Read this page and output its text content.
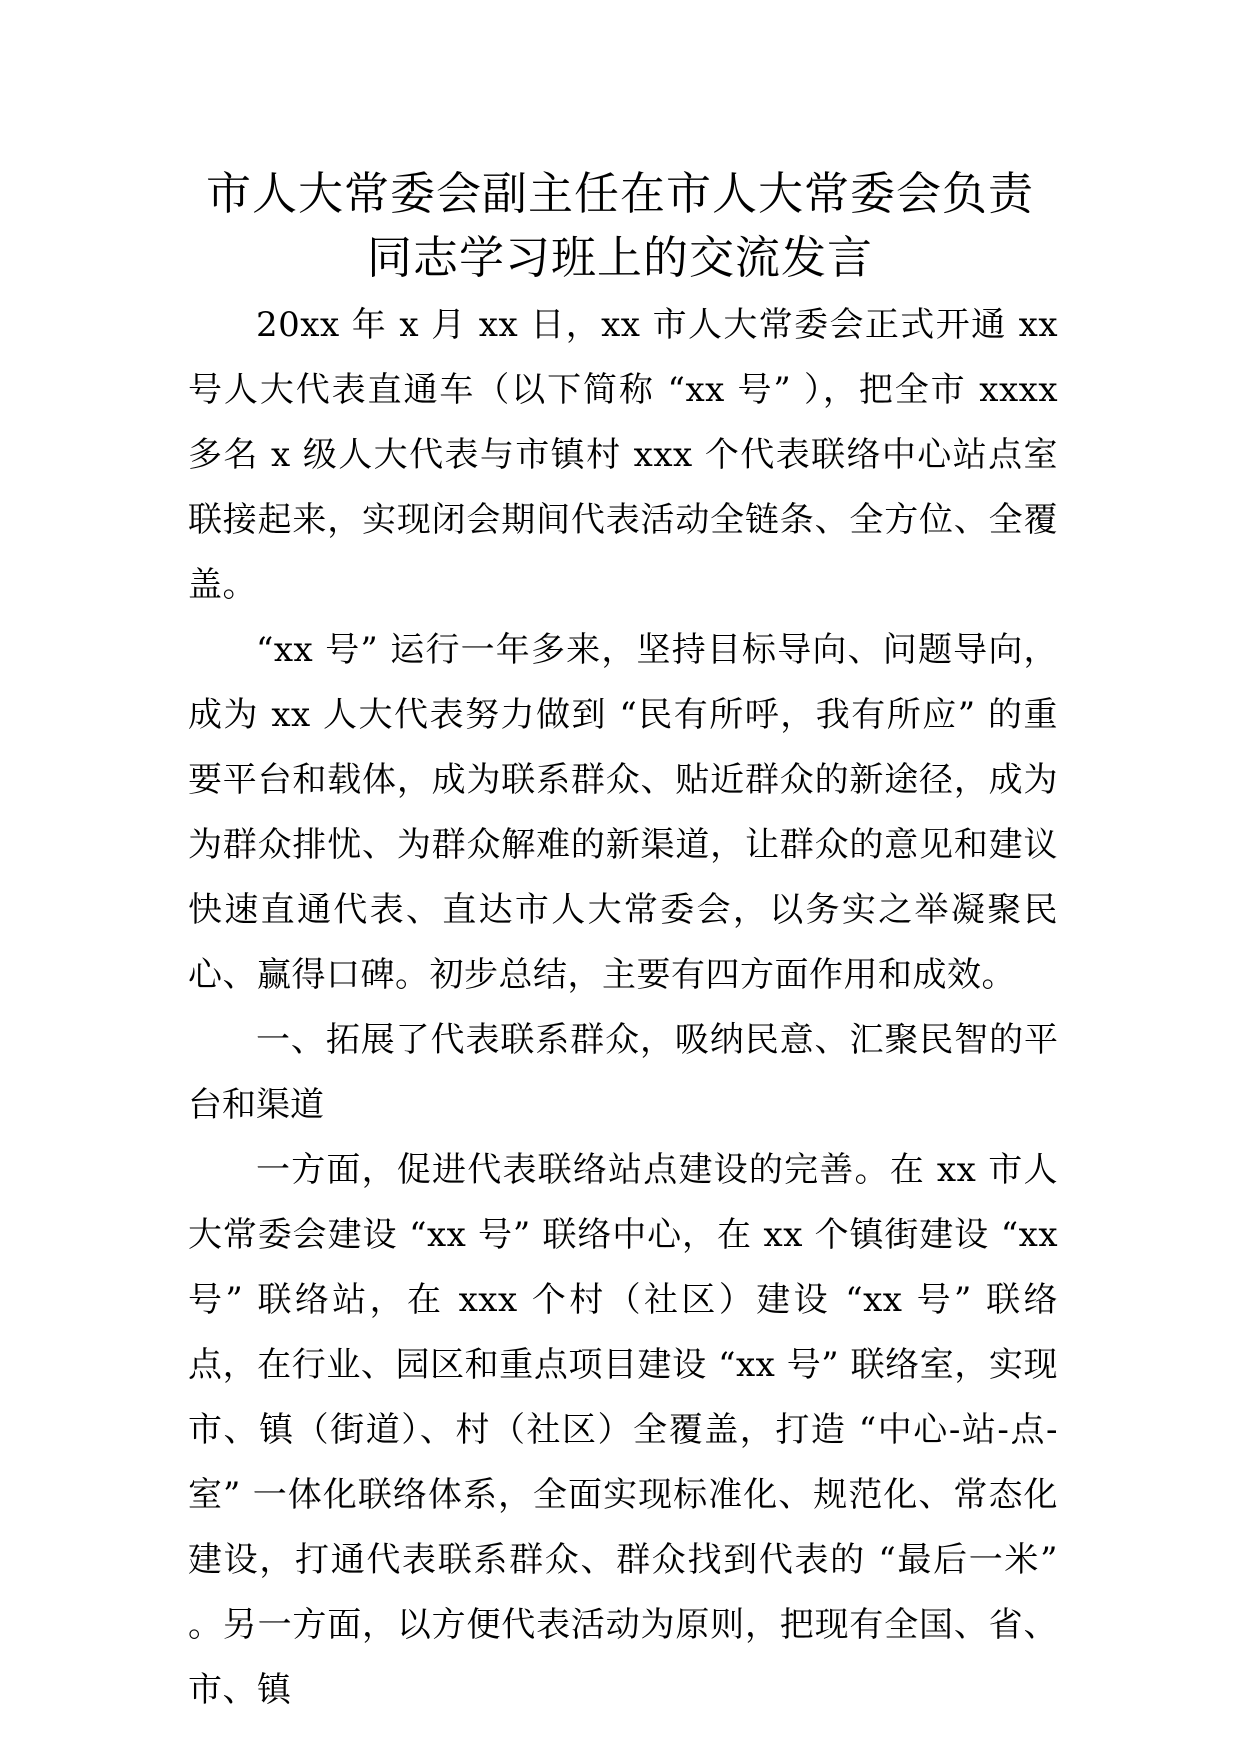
市人大常委会副主任在市人大常委会负责
同志学习班上的交流发言

20xx 年 x 月 xx 日，xx 市人大常委会正式开通 xx 号人大代表直通车（以下简称 “xx 号” ），把全市 xxxx 多名 x 级人大代表与市镇村 xxx 个代表联络中心站点室联接起来，实现闭会期间代表活动全链条、全方位、全覆盖。

“xx 号” 运行一年多来，坚持目标导向、问题导向，成为 xx 人大代表努力做到 “民有所呼，我有所应” 的重要平台和载体，成为联系群众、贴近群众的新途径，成为为群众排忧、为群众解难的新渠道，让群众的意见和建议快速直通代表、直达市人大常委会，以务实之举凝聚民心、赢得口碑。初步总结，主要有四方面作用和成效。

一、拓展了代表联系群众，吸纳民意、汇聚民智的平台和渠道

一方面，促进代表联络站点建设的完善。在 xx 市人大常委会建设 “xx 号” 联络中心，在 xx 个镇街建设 “xx 号” 联络站，在 xxx 个村（社区）建设 “xx 号” 联络点，在行业、园区和重点项目建设 “xx 号” 联络室，实现市、镇（街道）、村（社区）全覆盖，打造 “中心-站-点-室” 一体化联络体系，全面实现标准化、规范化、常态化建设，打通代表联系群众、群众找到代表的 “最后一米” 。另一方面，以方便代表活动为原则，把现有全国、省、市、镇
